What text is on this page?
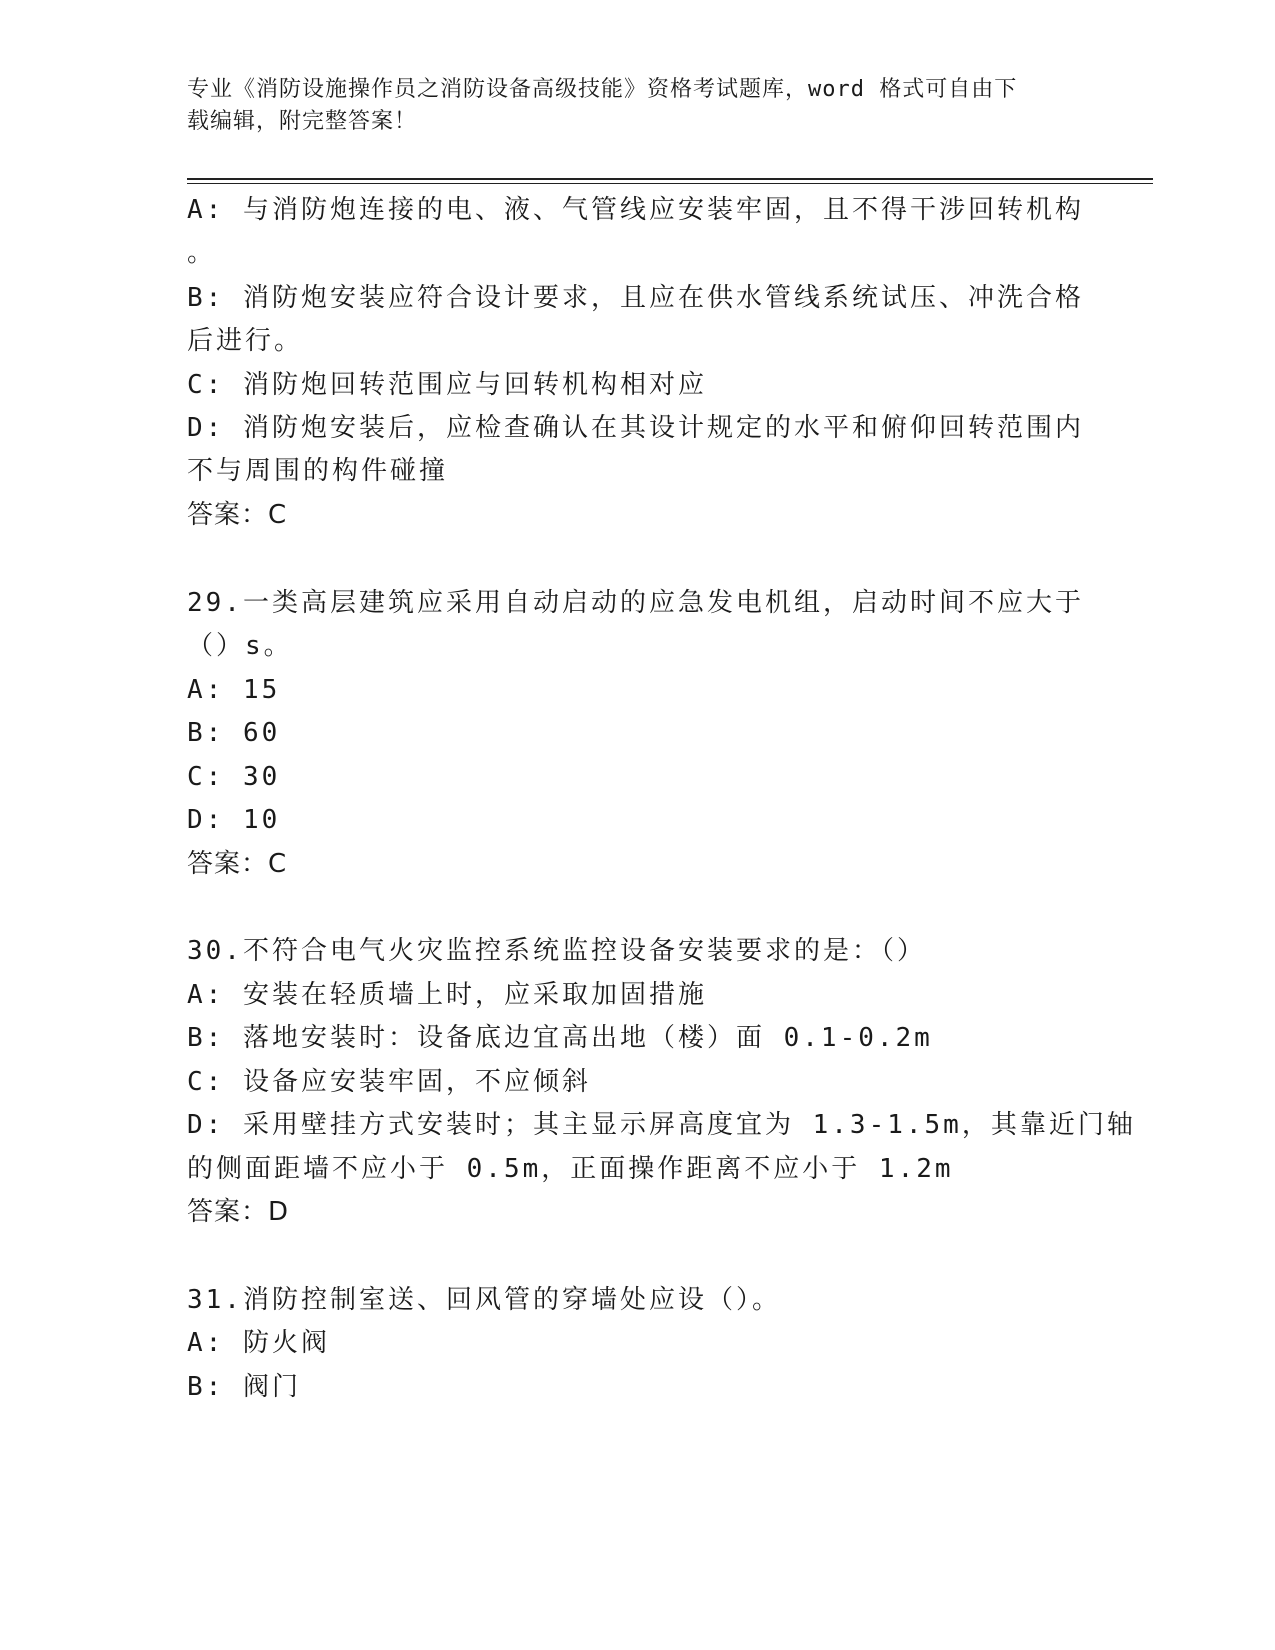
专业《消防设施操作员之消防设备高级技能》资格考试题库，word 格式可自由下
载编辑，附完整答案！
A: 与消防炮连接的电、液、气管线应安装牢固，且不得干涉回转机构
。
B: 消防炮安装应符合设计要求，且应在供水管线系统试压、冲洗合格
后进行。
C: 消防炮回转范围应与回转机构相对应
D: 消防炮安装后，应检查确认在其设计规定的水平和俯仰回转范围内
不与周围的构件碰撞
答案：C
29.一类高层建筑应采用自动启动的应急发电机组，启动时间不应大于
（）s。
A: 15
B: 60
C: 30
D: 10
答案：C
30.不符合电气火灾监控系统监控设备安装要求的是：（）
A: 安装在轻质墙上时，应采取加固措施
B: 落地安装时：设备底边宜高出地（楼）面 0.1-0.2m
C: 设备应安装牢固，不应倾斜
D: 采用壁挂方式安装时；其主显示屏高度宜为 1.3-1.5m，其靠近门轴
的侧面距墙不应小于 0.5m，正面操作距离不应小于 1.2m
答案：D
31.消防控制室送、回风管的穿墙处应设（）。
A: 防火阀
B: 阀门
